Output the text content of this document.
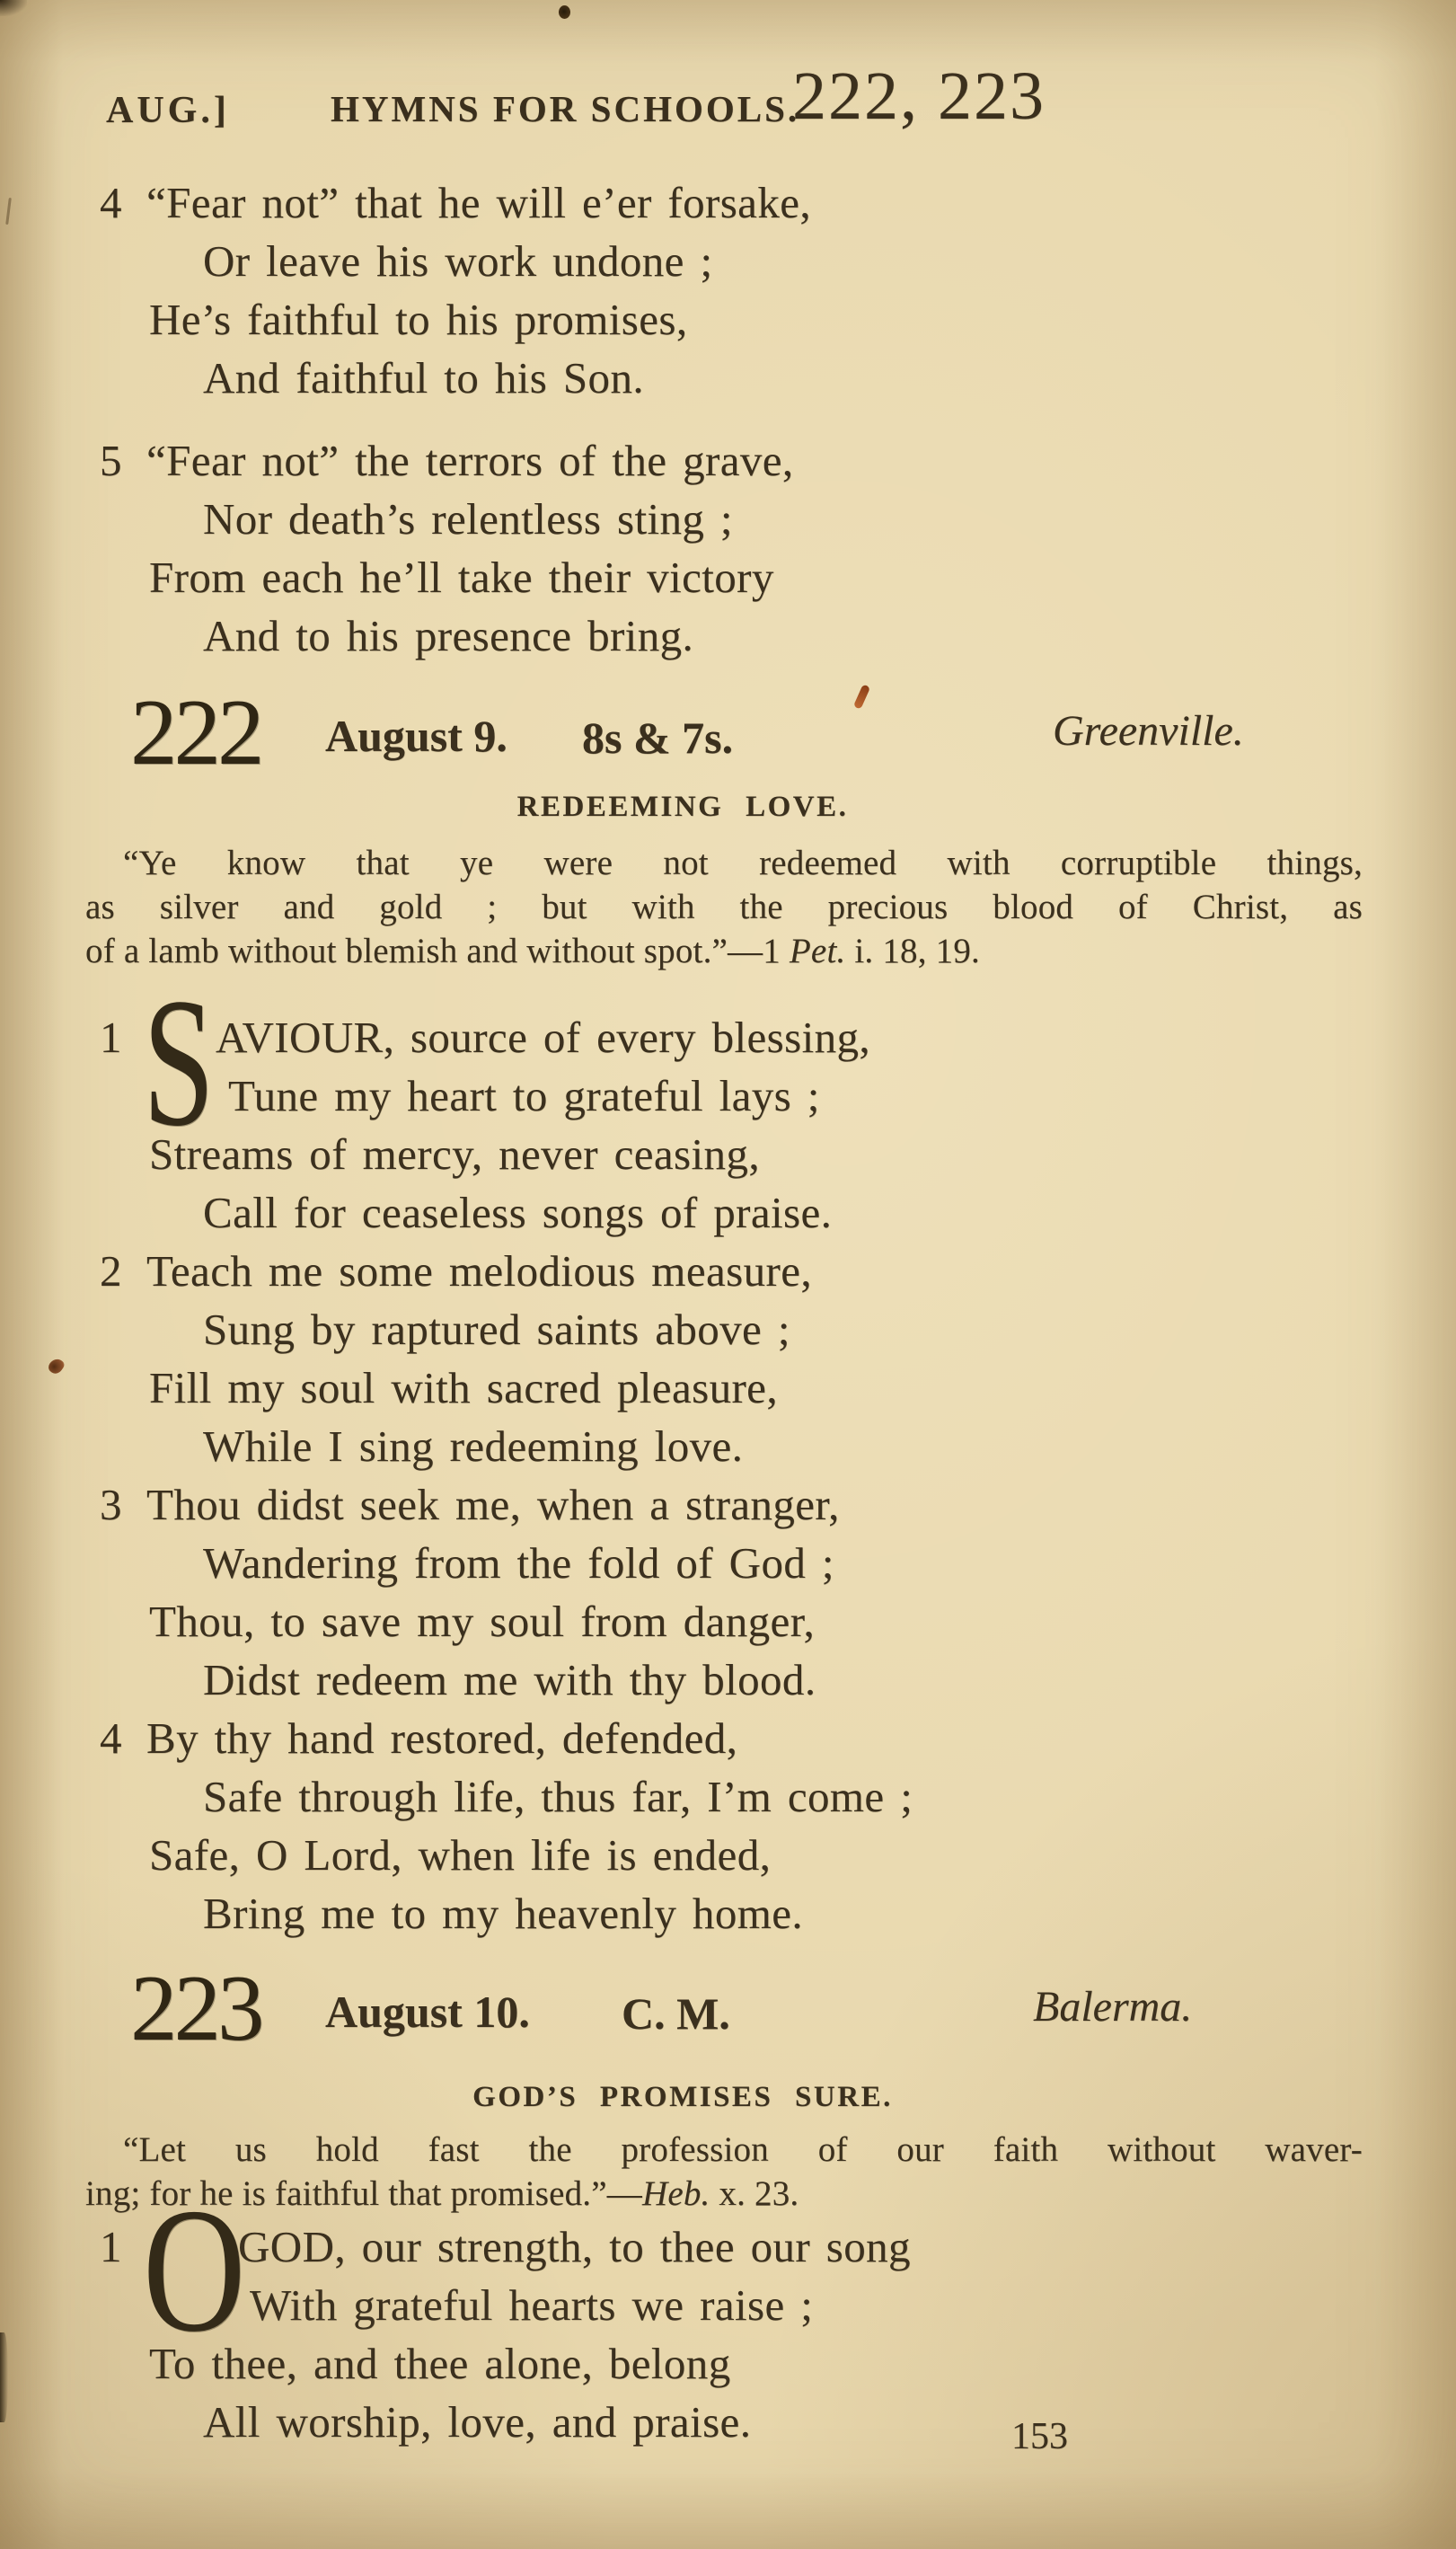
AUG.]	HYMNS FOR SCHOOLS.
222, 223
4 “Fear not” that he will e’er forsake,
Or leave his work undone ;
He’s faithful to his promises,
And faithful to his Son.
5 “Fear not” the terrors of the grave,
Nor death’s relentless sting ;
From each he’ll take their victory
And to his presence bring.
222 August 9. 8s & 7s.	Greenville.
REDEEMING LOVE.
“Ye know that ye were not redeemed with corruptible things,
as silver and gold ; but with the precious blood of Christ, as
of a lamb without blemish and without spot.”—1 Pet. i. 18, 19.
1 S AVIOUR, source of every blessing,
Tune my heart to grateful lays ;
Streams of mercy, never ceasing,
Call for ceaseless songs of praise.
2 Teach me some melodious measure,
Sung by raptured saints above ;
Fill my soul with sacred pleasure,
While I sing redeeming love.
3 Thou didst seek me, when a stranger,
Wandering from the fold of God ;
Thou, to save my soul from danger,
Didst redeem me with thy blood.
4 By thy hand restored, defended,
Safe through life, thus far, I’m come ;
Safe, O Lord, when life is ended,
Bring me to my heavenly home.
223 August 10. C. M.	Balerma.
GOD’S PROMISES SURE.
“Let us hold fast the profession of our faith without waver-
ing; for he is faithful that promised.”—Heb. x. 23.
1 O
GOD, our strength, to thee our song
With grateful hearts we raise ;
To thee, and thee alone, belong
All worship, love, and praise.	153
